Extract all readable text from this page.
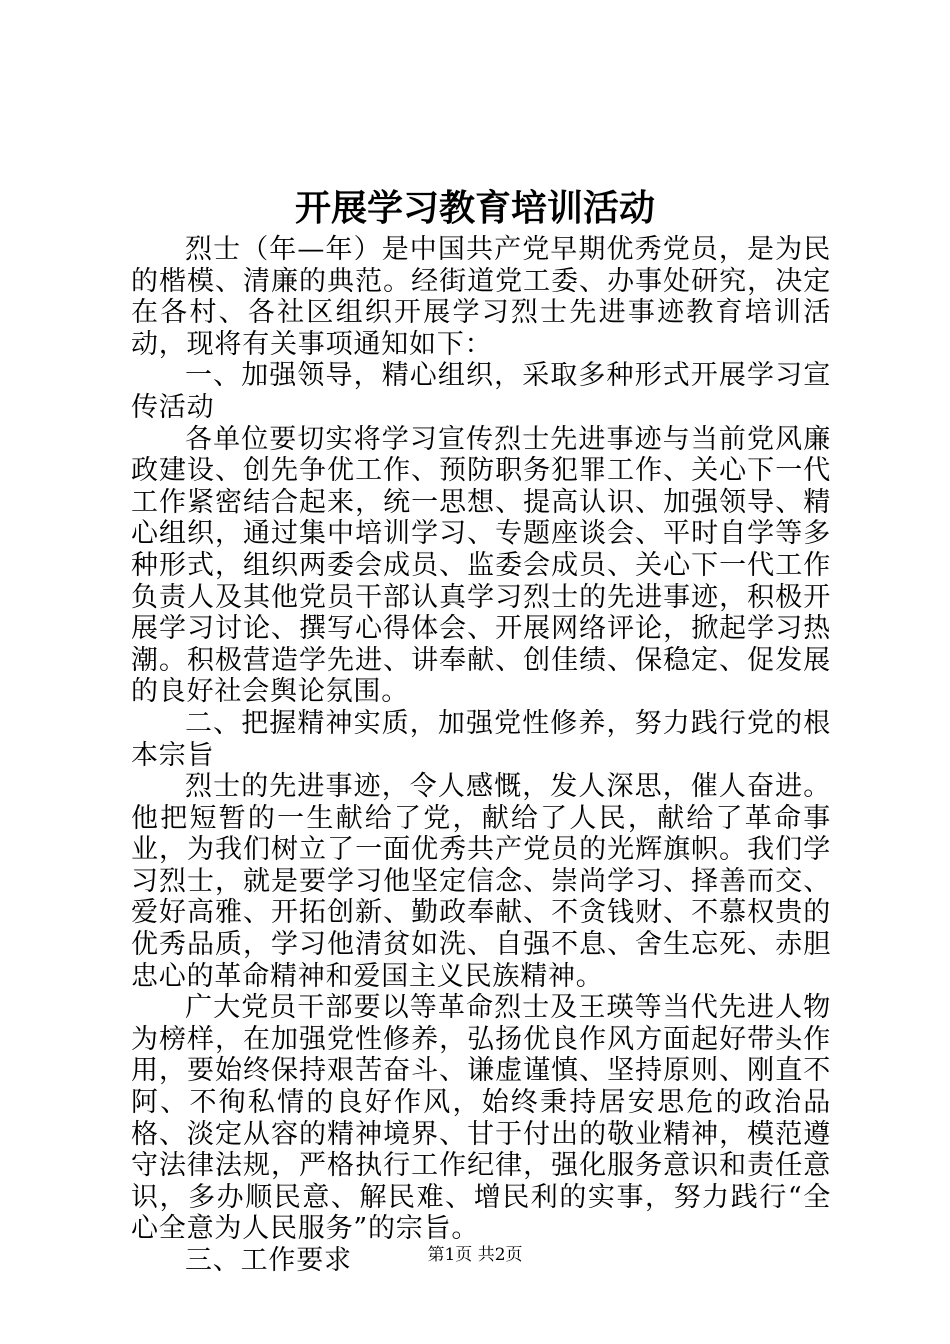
开展学习教育培训活动

烈士（年—年）是中国共产党早期优秀党员，是为民的楷模、清廉的典范。经街道党工委、办事处研究，决定在各村、各社区组织开展学习烈士先进事迹教育培训活动，现将有关事项通知如下：

一、加强领导，精心组织，采取多种形式开展学习宣传活动

各单位要切实将学习宣传烈士先进事迹与当前党风廉政建设、创先争优工作、预防职务犯罪工作、关心下一代工作紧密结合起来，统一思想、提高认识、加强领导、精心组织，通过集中培训学习、专题座谈会、平时自学等多种形式，组织两委会成员、监委会成员、关心下一代工作负责人及其他党员干部认真学习烈士的先进事迹，积极开展学习讨论、撰写心得体会、开展网络评论，掀起学习热潮。积极营造学先进、讲奉献、创佳绩、保稳定、促发展的良好社会舆论氛围。

二、把握精神实质，加强党性修养，努力践行党的根本宗旨

烈士的先进事迹，令人感慨，发人深思，催人奋进。他把短暂的一生献给了党，献给了人民，献给了革命事业，为我们树立了一面优秀共产党员的光辉旗帜。我们学习烈士，就是要学习他坚定信念、崇尚学习、择善而交、爱好高雅、开拓创新、勤政奉献、不贪钱财、不慕权贵的优秀品质，学习他清贫如洗、自强不息、舍生忘死、赤胆忠心的革命精神和爱国主义民族精神。

广大党员干部要以等革命烈士及王瑛等当代先进人物为榜样，在加强党性修养，弘扬优良作风方面起好带头作用，要始终保持艰苦奋斗、谦虚谨慎、坚持原则、刚直不阿、不徇私情的良好作风，始终秉持居安思危的政治品格、淡定从容的精神境界、甘于付出的敬业精神，模范遵守法律法规，严格执行工作纪律，强化服务意识和责任意识，多办顺民意、解民难、增民利的实事，努力践行“全心全意为人民服务”的宗旨。

三、工作要求	第1页 共2页
